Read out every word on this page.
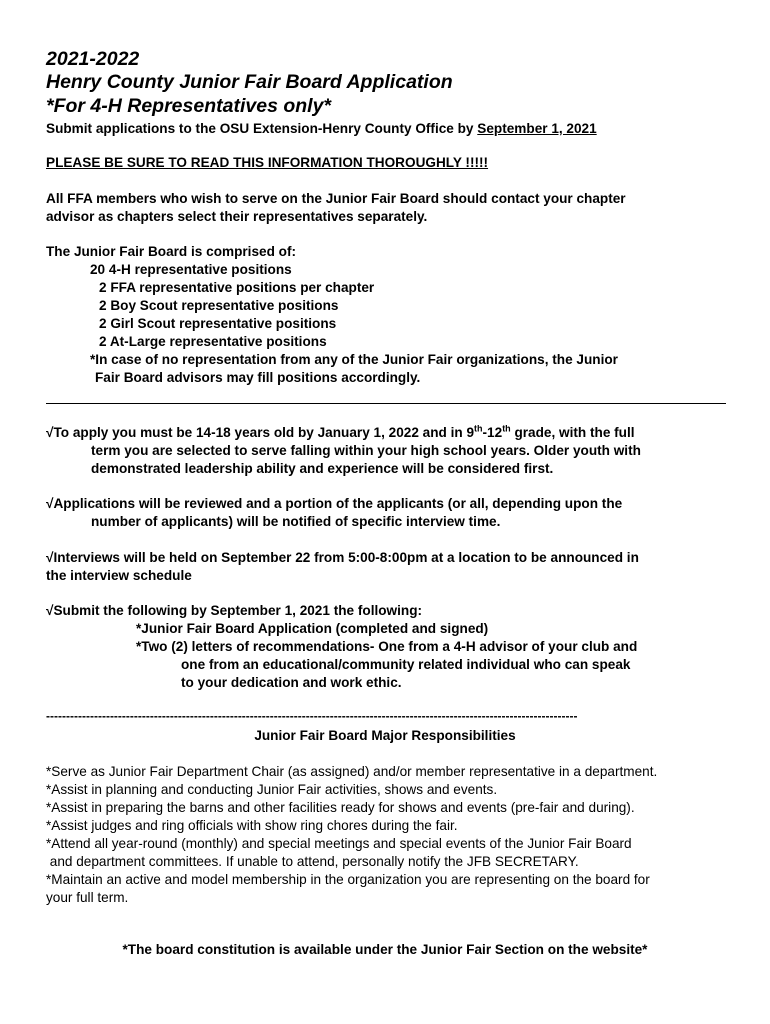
2021-2022
Henry County Junior Fair Board Application
*For 4-H Representatives only*
Submit applications to the OSU Extension-Henry County Office by September 1, 2021
PLEASE BE SURE TO READ THIS INFORMATION THOROUGHLY !!!!!
All FFA members who wish to serve on the Junior Fair Board should contact your chapter
advisor as chapters select their representatives separately.
The Junior Fair Board is comprised of:
20 4-H representative positions
2 FFA representative positions per chapter
2 Boy Scout representative positions
2 Girl Scout representative positions
2 At-Large representative positions
*In case of no representation from any of the Junior Fair organizations, the Junior
Fair Board advisors may fill positions accordingly.
√To apply you must be 14-18 years old by January 1, 2022 and in 9th-12th grade, with the full
term you are selected to serve falling within your high school years. Older youth with
demonstrated leadership ability and experience will be considered first.
√Applications will be reviewed and a portion of the applicants (or all, depending upon the
number of applicants) will be notified of specific interview time.
√Interviews will be held on September 22 from 5:00-8:00pm at a location to be announced in
the interview schedule
√Submit the following by September 1, 2021 the following:
*Junior Fair Board Application (completed and signed)
*Two (2) letters of recommendations- One from a 4-H advisor of your club and
one from an educational/community related individual who can speak
to your dedication and work ethic.
-------------------------------------------------------------------------------------------------------------------------------------
Junior Fair Board Major Responsibilities
*Serve as Junior Fair Department Chair (as assigned) and/or member representative in a department.
*Assist in planning and conducting Junior Fair activities, shows and events.
*Assist in preparing the barns and other facilities ready for shows and events (pre-fair and during).
*Assist judges and ring officials with show ring chores during the fair.
*Attend all year-round (monthly) and special meetings and special events of the Junior Fair Board
and department committees. If unable to attend, personally notify the JFB SECRETARY.
*Maintain an active and model membership in the organization you are representing on the board for
your full term.
*The board constitution is available under the Junior Fair Section on the website*
